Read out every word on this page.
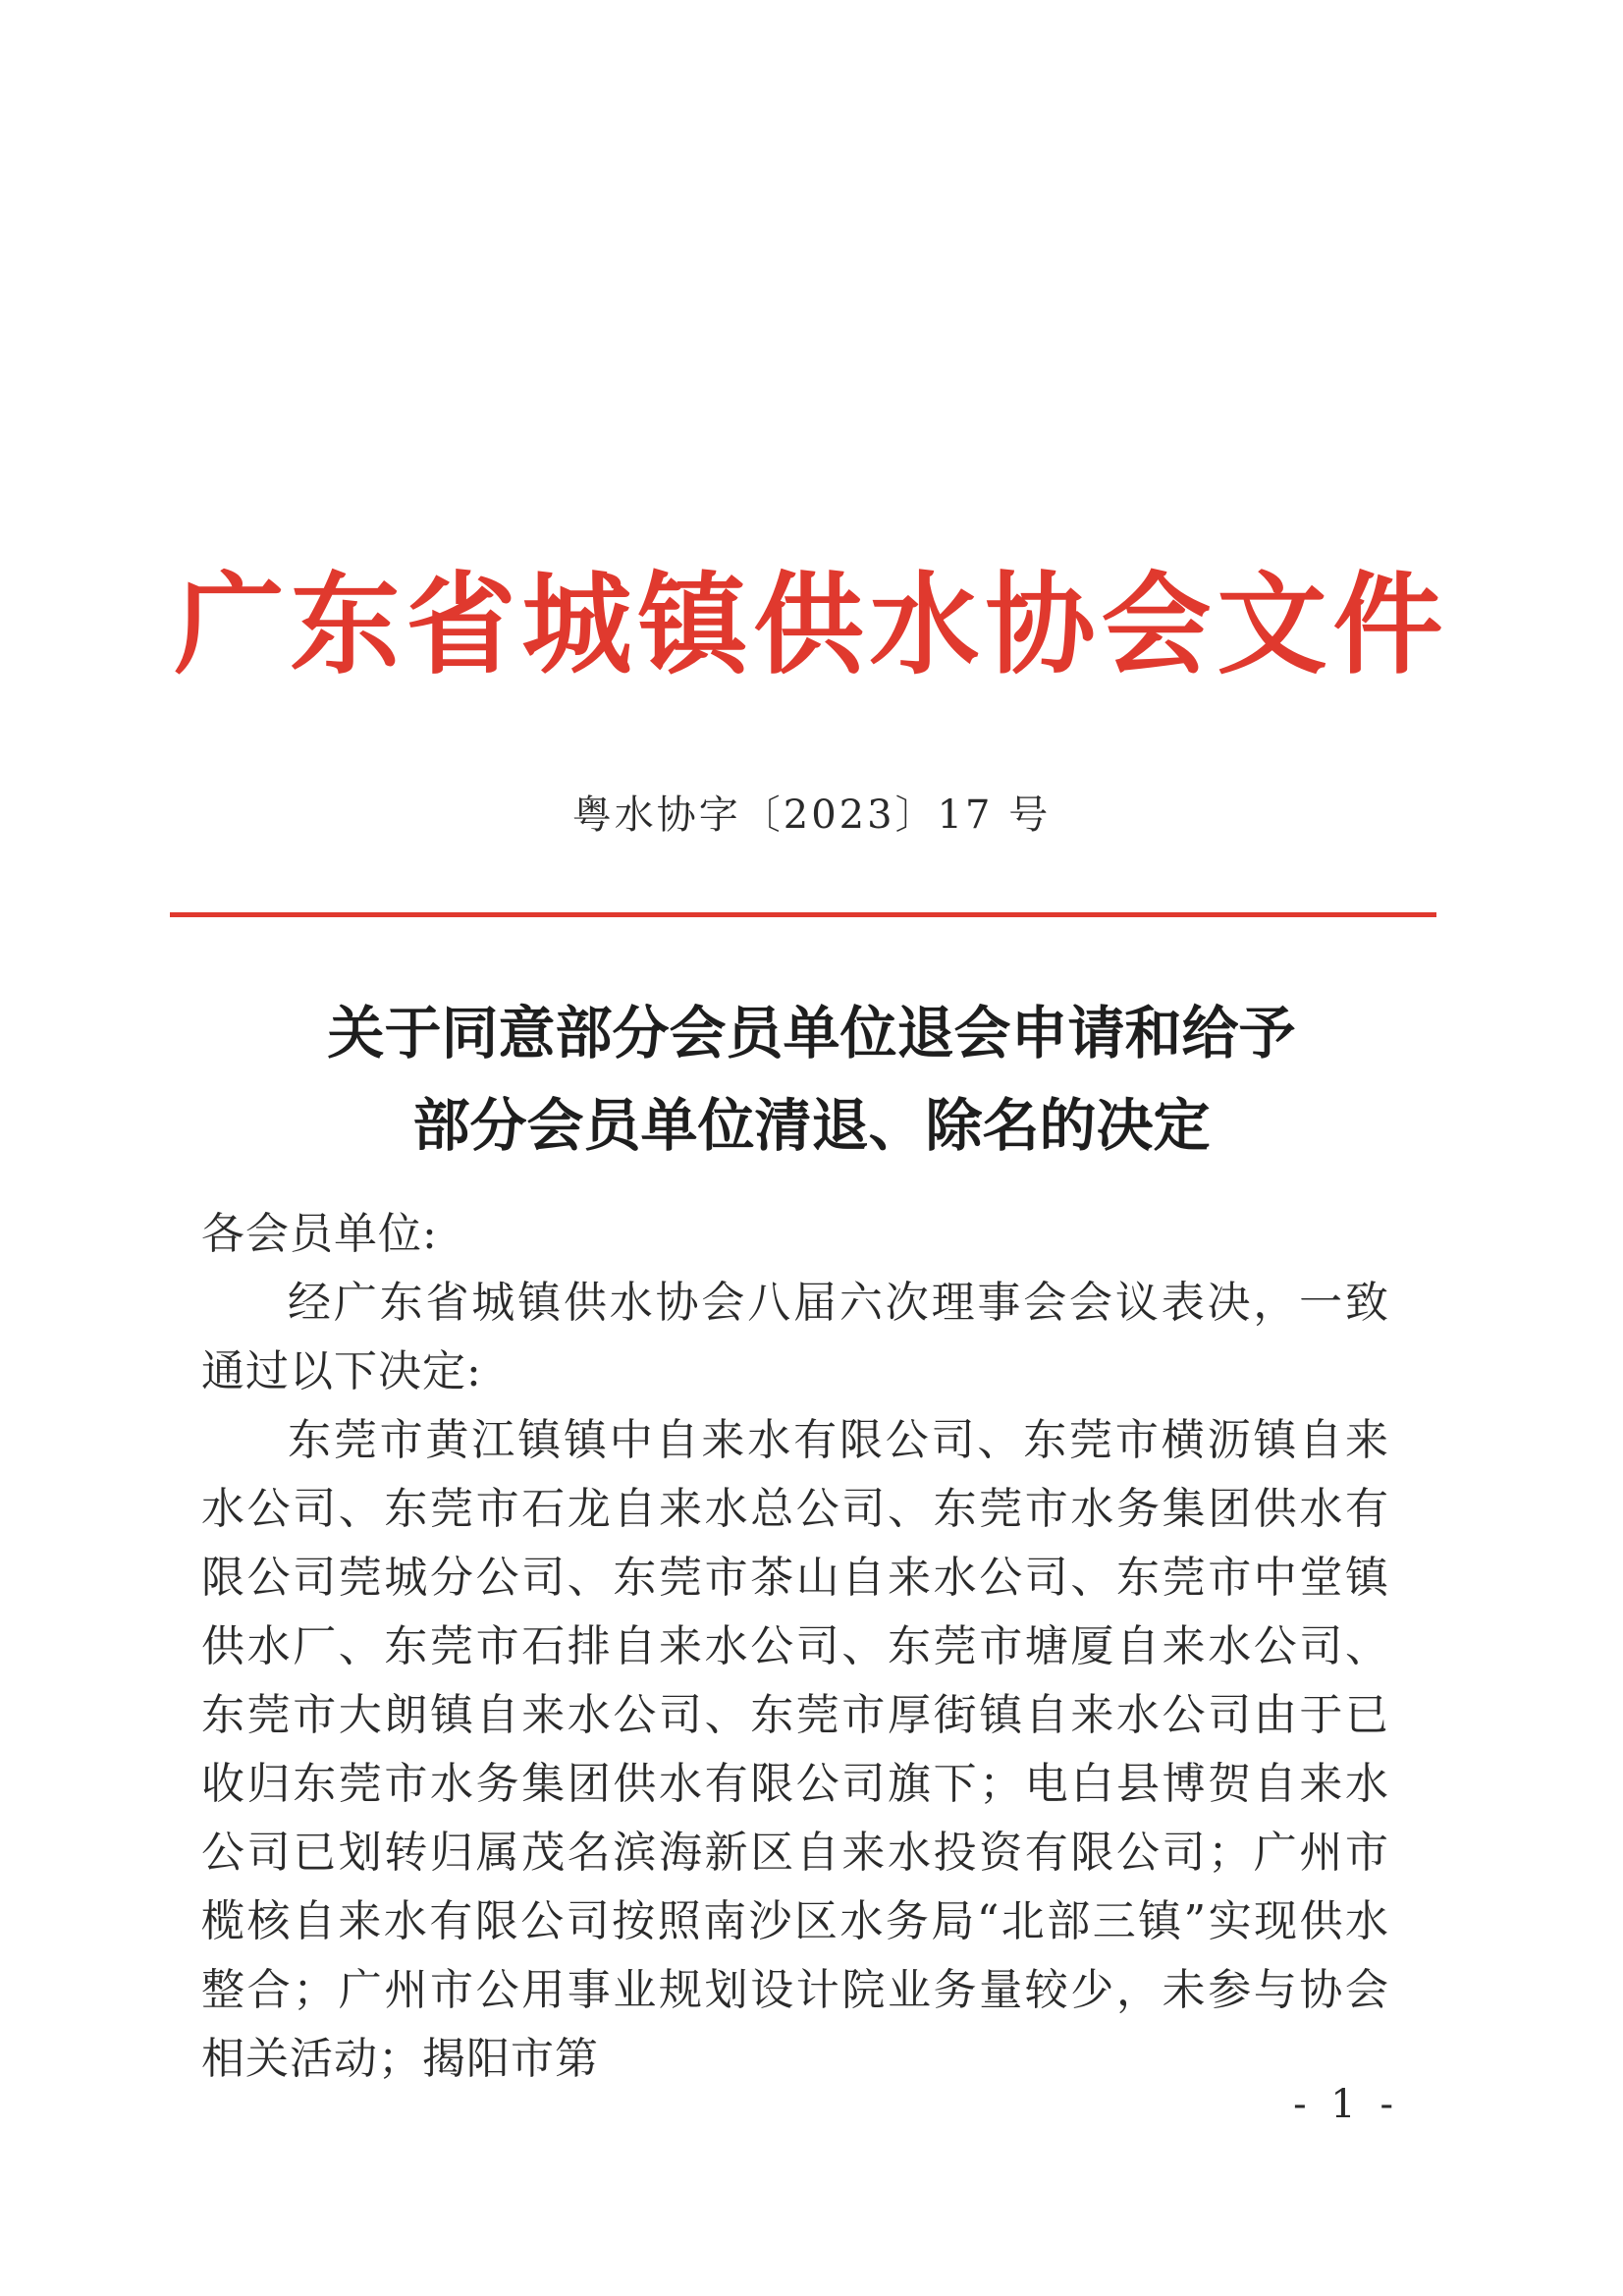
广东省城镇供水协会文件
粤水协字〔2023〕17 号
关于同意部分会员单位退会申请和给予
部分会员单位清退、除名的决定

各会员单位:

经广东省城镇供水协会八届六次理事会会议表决，一致通过以下决定:

东莞市黄江镇镇中自来水有限公司、东莞市横沥镇自来水公司、东莞市石龙自来水总公司、东莞市水务集团供水有限公司莞城分公司、东莞市茶山自来水公司、东莞市中堂镇供水厂、东莞市石排自来水公司、东莞市塘厦自来水公司、东莞市大朗镇自来水公司、东莞市厚街镇自来水公司由于已收归东莞市水务集团供水有限公司旗下；电白县博贺自来水公司已划转归属茂名滨海新区自来水投资有限公司；广州市榄核自来水有限公司按照南沙区水务局“北部三镇”实现供水整合；广州市公用事业规划设计院业务量较少，未参与协会相关活动；揭阳市第

- 1 -
